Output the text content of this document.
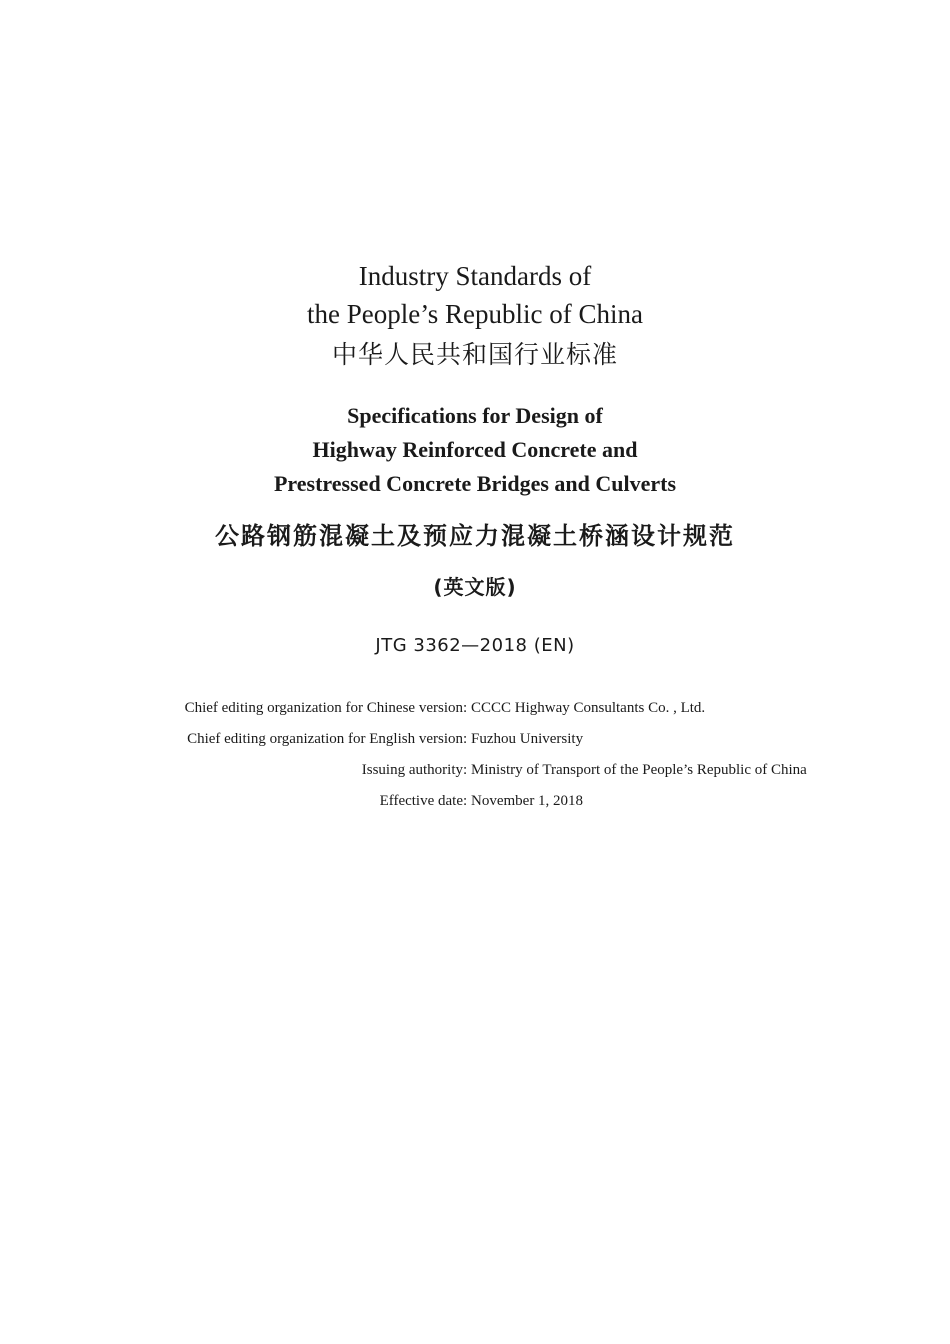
Industry Standards of
the People’s Republic of China
中华人民共和国行业标准
Specifications for Design of
Highway Reinforced Concrete and
Prestressed Concrete Bridges and Culverts
公路钢筋混凝土及预应力混凝土桥涵设计规范
(英文版)
JTG 3362—2018 (EN)
Chief editing organization for Chinese version : CCCC Highway Consultants Co. , Ltd.
Chief editing organization for English version : Fuzhou University
Issuing authority : Ministry of Transport of the People’s Republic of China
Effective date : November 1, 2018
